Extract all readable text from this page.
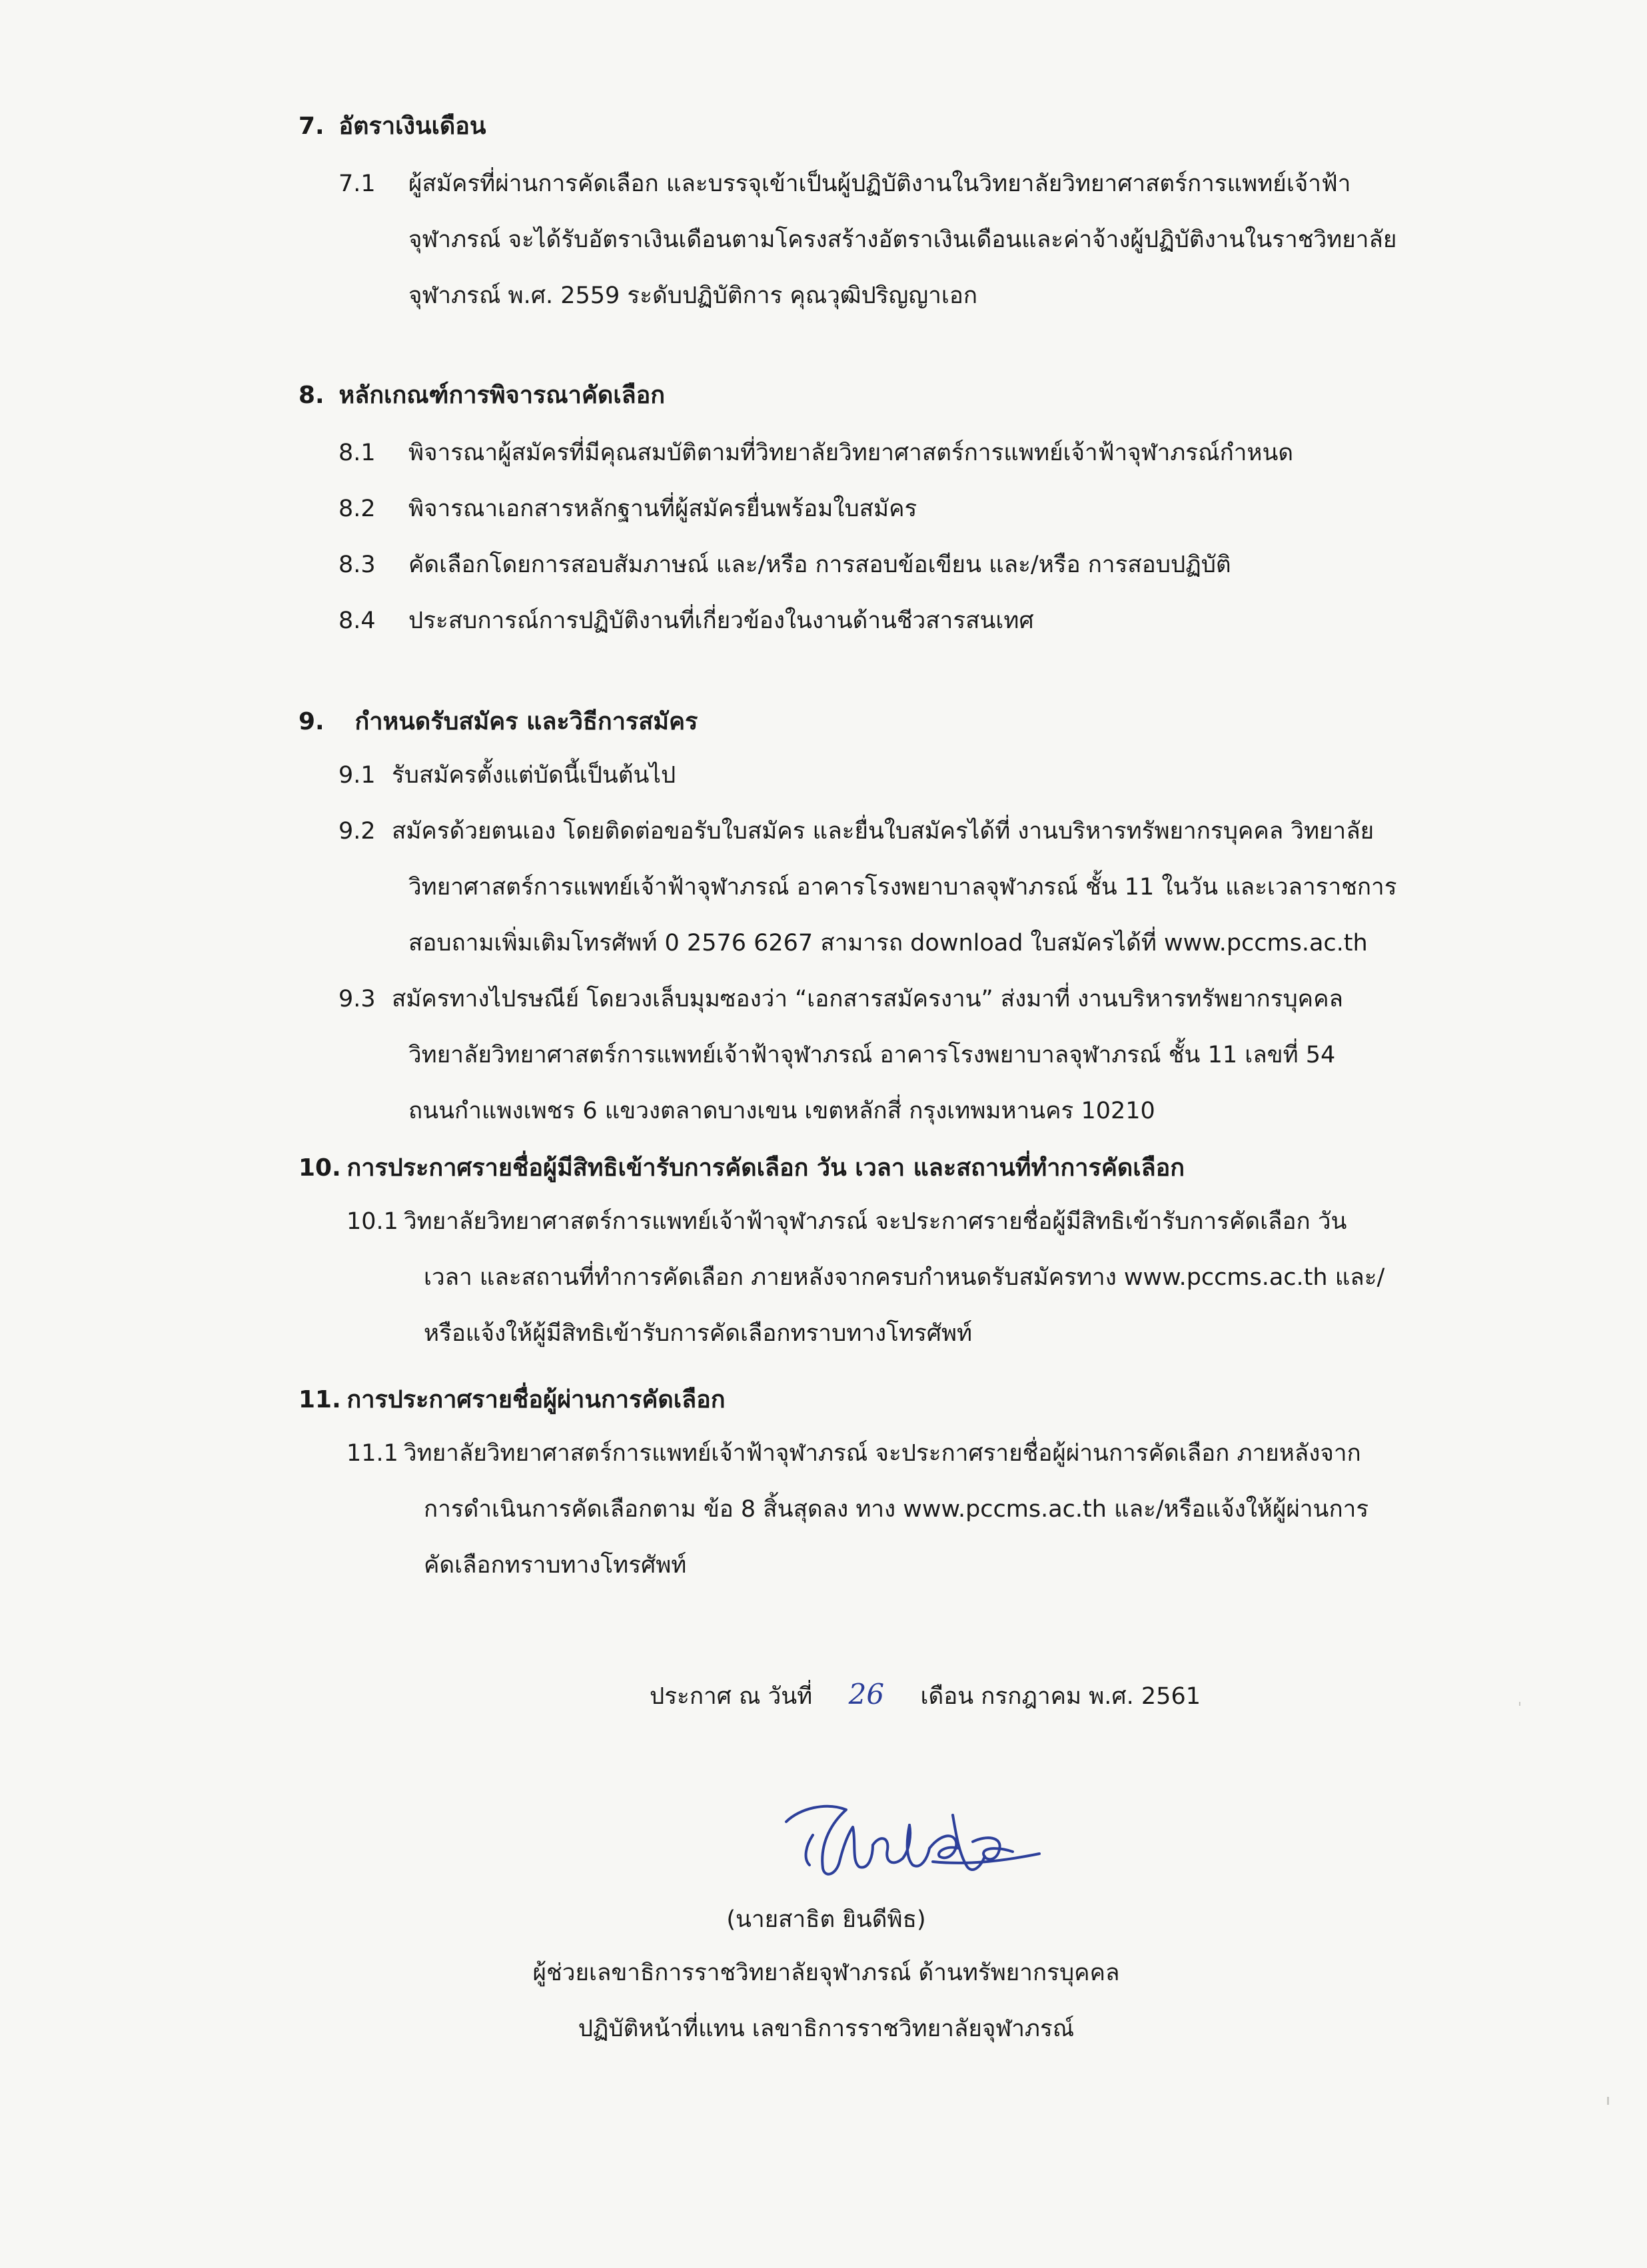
7. อัตราเงินเดือน
7.1 ผู้สมัครที่ผ่านการคัดเลือก และบรรจุเข้าเป็นผู้ปฏิบัติงานในวิทยาลัยวิทยาศาสตร์การแพทย์เจ้าฟ้า
จุฬาภรณ์ จะได้รับอัตราเงินเดือนตามโครงสร้างอัตราเงินเดือนและค่าจ้างผู้ปฏิบัติงานในราชวิทยาลัย
จุฬาภรณ์ พ.ศ. 2559 ระดับปฏิบัติการ คุณวุฒิปริญญาเอก
8. หลักเกณฑ์การพิจารณาคัดเลือก
8.1 พิจารณาผู้สมัครที่มีคุณสมบัติตามที่วิทยาลัยวิทยาศาสตร์การแพทย์เจ้าฟ้าจุฬาภรณ์กำหนด
8.2 พิจารณาเอกสารหลักฐานที่ผู้สมัครยื่นพร้อมใบสมัคร
8.3 คัดเลือกโดยการสอบสัมภาษณ์ และ/หรือ การสอบข้อเขียน และ/หรือ การสอบปฏิบัติ
8.4 ประสบการณ์การปฏิบัติงานที่เกี่ยวข้องในงานด้านชีวสารสนเทศ
9. กำหนดรับสมัคร และวิธีการสมัคร
9.1 รับสมัครตั้งแต่บัดนี้เป็นต้นไป
9.2 สมัครด้วยตนเอง โดยติดต่อขอรับใบสมัคร และยื่นใบสมัครได้ที่ งานบริหารทรัพยากรบุคคล วิทยาลัย
วิทยาศาสตร์การแพทย์เจ้าฟ้าจุฬาภรณ์ อาคารโรงพยาบาลจุฬาภรณ์ ชั้น 11 ในวัน และเวลาราชการ
สอบถามเพิ่มเติมโทรศัพท์ 0 2576 6267 สามารถ download ใบสมัครได้ที่ www.pccms.ac.th
9.3 สมัครทางไปรษณีย์ โดยวงเล็บมุมซองว่า “เอกสารสมัครงาน” ส่งมาที่ งานบริหารทรัพยากรบุคคล
วิทยาลัยวิทยาศาสตร์การแพทย์เจ้าฟ้าจุฬาภรณ์ อาคารโรงพยาบาลจุฬาภรณ์ ชั้น 11 เลขที่ 54
ถนนกำแพงเพชร 6 แขวงตลาดบางเขน เขตหลักสี่ กรุงเทพมหานคร 10210
10. การประกาศรายชื่อผู้มีสิทธิเข้ารับการคัดเลือก วัน เวลา และสถานที่ทำการคัดเลือก
10.1 วิทยาลัยวิทยาศาสตร์การแพทย์เจ้าฟ้าจุฬาภรณ์ จะประกาศรายชื่อผู้มีสิทธิเข้ารับการคัดเลือก วัน
เวลา และสถานที่ทำการคัดเลือก ภายหลังจากครบกำหนดรับสมัครทาง www.pccms.ac.th และ/
หรือแจ้งให้ผู้มีสิทธิเข้ารับการคัดเลือกทราบทางโทรศัพท์
11. การประกาศรายชื่อผู้ผ่านการคัดเลือก
11.1 วิทยาลัยวิทยาศาสตร์การแพทย์เจ้าฟ้าจุฬาภรณ์ จะประกาศรายชื่อผู้ผ่านการคัดเลือก ภายหลังจาก
การดำเนินการคัดเลือกตาม ข้อ 8 สิ้นสุดลง ทาง www.pccms.ac.th และ/หรือแจ้งให้ผู้ผ่านการ
คัดเลือกทราบทางโทรศัพท์
ประกาศ ณ วันที่ 26 เดือน กรกฎาคม พ.ศ. 2561
(นายสาธิต ยินดีพิธ)
ผู้ช่วยเลขาธิการราชวิทยาลัยจุฬาภรณ์ ด้านทรัพยากรบุคคล
ปฏิบัติหน้าที่แทน เลขาธิการราชวิทยาลัยจุฬาภรณ์
